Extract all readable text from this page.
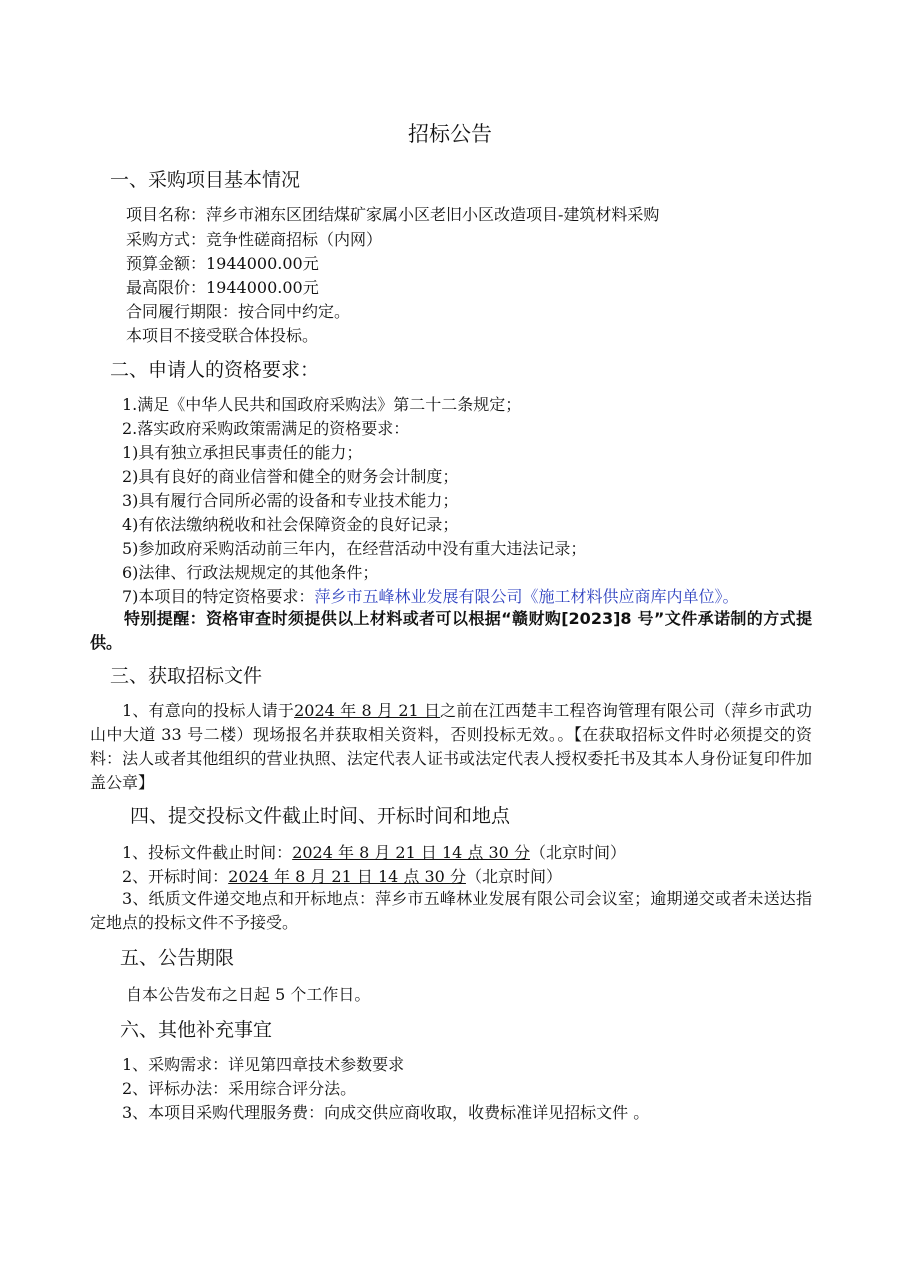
招标公告
一、采购项目基本情况
项目名称：萍乡市湘东区团结煤矿家属小区老旧小区改造项目-建筑材料采购
采购方式：竞争性磋商招标（内网）
预算金额：1944000.00元
最高限价：1944000.00元
合同履行期限：按合同中约定。
本项目不接受联合体投标。
二、申请人的资格要求：
1.满足《中华人民共和国政府采购法》第二十二条规定；
2.落实政府采购政策需满足的资格要求：
1)具有独立承担民事责任的能力；
2)具有良好的商业信誉和健全的财务会计制度；
3)具有履行合同所必需的设备和专业技术能力；
4)有依法缴纳税收和社会保障资金的良好记录；
5)参加政府采购活动前三年内，在经营活动中没有重大违法记录；
6)法律、行政法规规定的其他条件；
7)本项目的特定资格要求：萍乡市五峰林业发展有限公司《施工材料供应商库内单位》。
特别提醒：资格审查时须提供以上材料或者可以根据“赣财购[2023]8 号”文件承诺制的方式提供。
三、获取招标文件
1、有意向的投标人请于2024 年 8 月 21 日之前在江西楚丰工程咨询管理有限公司（萍乡市武功山中大道 33 号二楼）现场报名并获取相关资料，否则投标无效。。【在获取招标文件时必须提交的资料：法人或者其他组织的营业执照、法定代表人证书或法定代表人授权委托书及其本人身份证复印件加盖公章】
四、提交投标文件截止时间、开标时间和地点
1、投标文件截止时间：2024 年 8 月 21 日 14 点 30 分（北京时间）
2、开标时间：2024 年 8 月 21 日 14 点 30 分（北京时间）
3、纸质文件递交地点和开标地点：萍乡市五峰林业发展有限公司会议室；逾期递交或者未送达指定地点的投标文件不予接受。
五、公告期限
自本公告发布之日起 5 个工作日。
六、其他补充事宜
1、采购需求：详见第四章技术参数要求
2、评标办法：采用综合评分法。
3、本项目采购代理服务费：向成交供应商收取，收费标准详见招标文件 。
